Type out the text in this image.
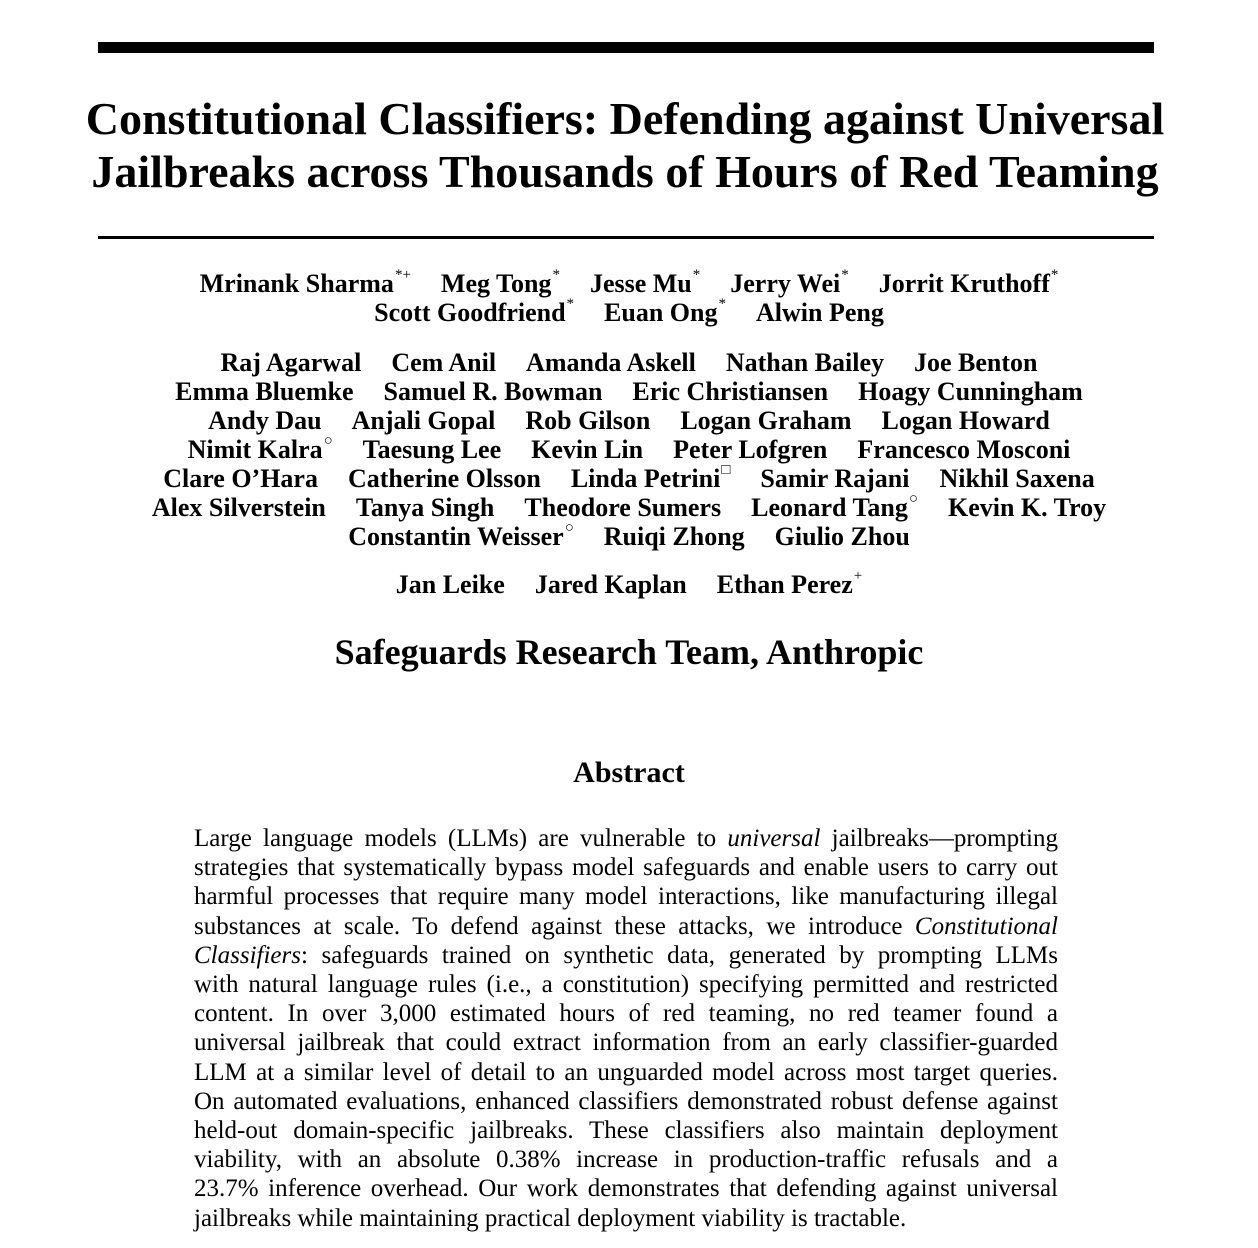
Constitutional Classifiers: Defending against Universal
Jailbreaks across Thousands of Hours of Red Teaming
Mrinank Sharma*+ Meg Tong* Jesse Mu* Jerry Wei* Jorrit Kruthoff*
Scott Goodfriend* Euan Ong* Alwin Peng
Raj Agarwal Cem Anil Amanda Askell Nathan Bailey Joe Benton
Emma Bluemke Samuel R. Bowman Eric Christiansen Hoagy Cunningham
Andy Dau Anjali Gopal Rob Gilson Logan Graham Logan Howard
Nimit Kalra○ Taesung Lee Kevin Lin Peter Lofgren Francesco Mosconi
Clare O’Hara Catherine Olsson Linda Petrini□ Samir Rajani Nikhil Saxena
Alex Silverstein Tanya Singh Theodore Sumers Leonard Tang○ Kevin K. Troy
Constantin Weisser○ Ruiqi Zhong Giulio Zhou
Jan Leike Jared Kaplan Ethan Perez+
Safeguards Research Team, Anthropic
Abstract
Large language models (LLMs) are vulnerable to universal jailbreaks—prompting
strategies that systematically bypass model safeguards and enable users to carry out
harmful processes that require many model interactions, like manufacturing illegal
substances at scale. To defend against these attacks, we introduce Constitutional
Classifiers: safeguards trained on synthetic data, generated by prompting LLMs
with natural language rules (i.e., a constitution) specifying permitted and restricted
content. In over 3,000 estimated hours of red teaming, no red teamer found a
universal jailbreak that could extract information from an early classifier-guarded
LLM at a similar level of detail to an unguarded model across most target queries.
On automated evaluations, enhanced classifiers demonstrated robust defense against
held-out domain-specific jailbreaks. These classifiers also maintain deployment
viability, with an absolute 0.38% increase in production-traffic refusals and a
23.7% inference overhead. Our work demonstrates that defending against universal
jailbreaks while maintaining practical deployment viability is tractable.
